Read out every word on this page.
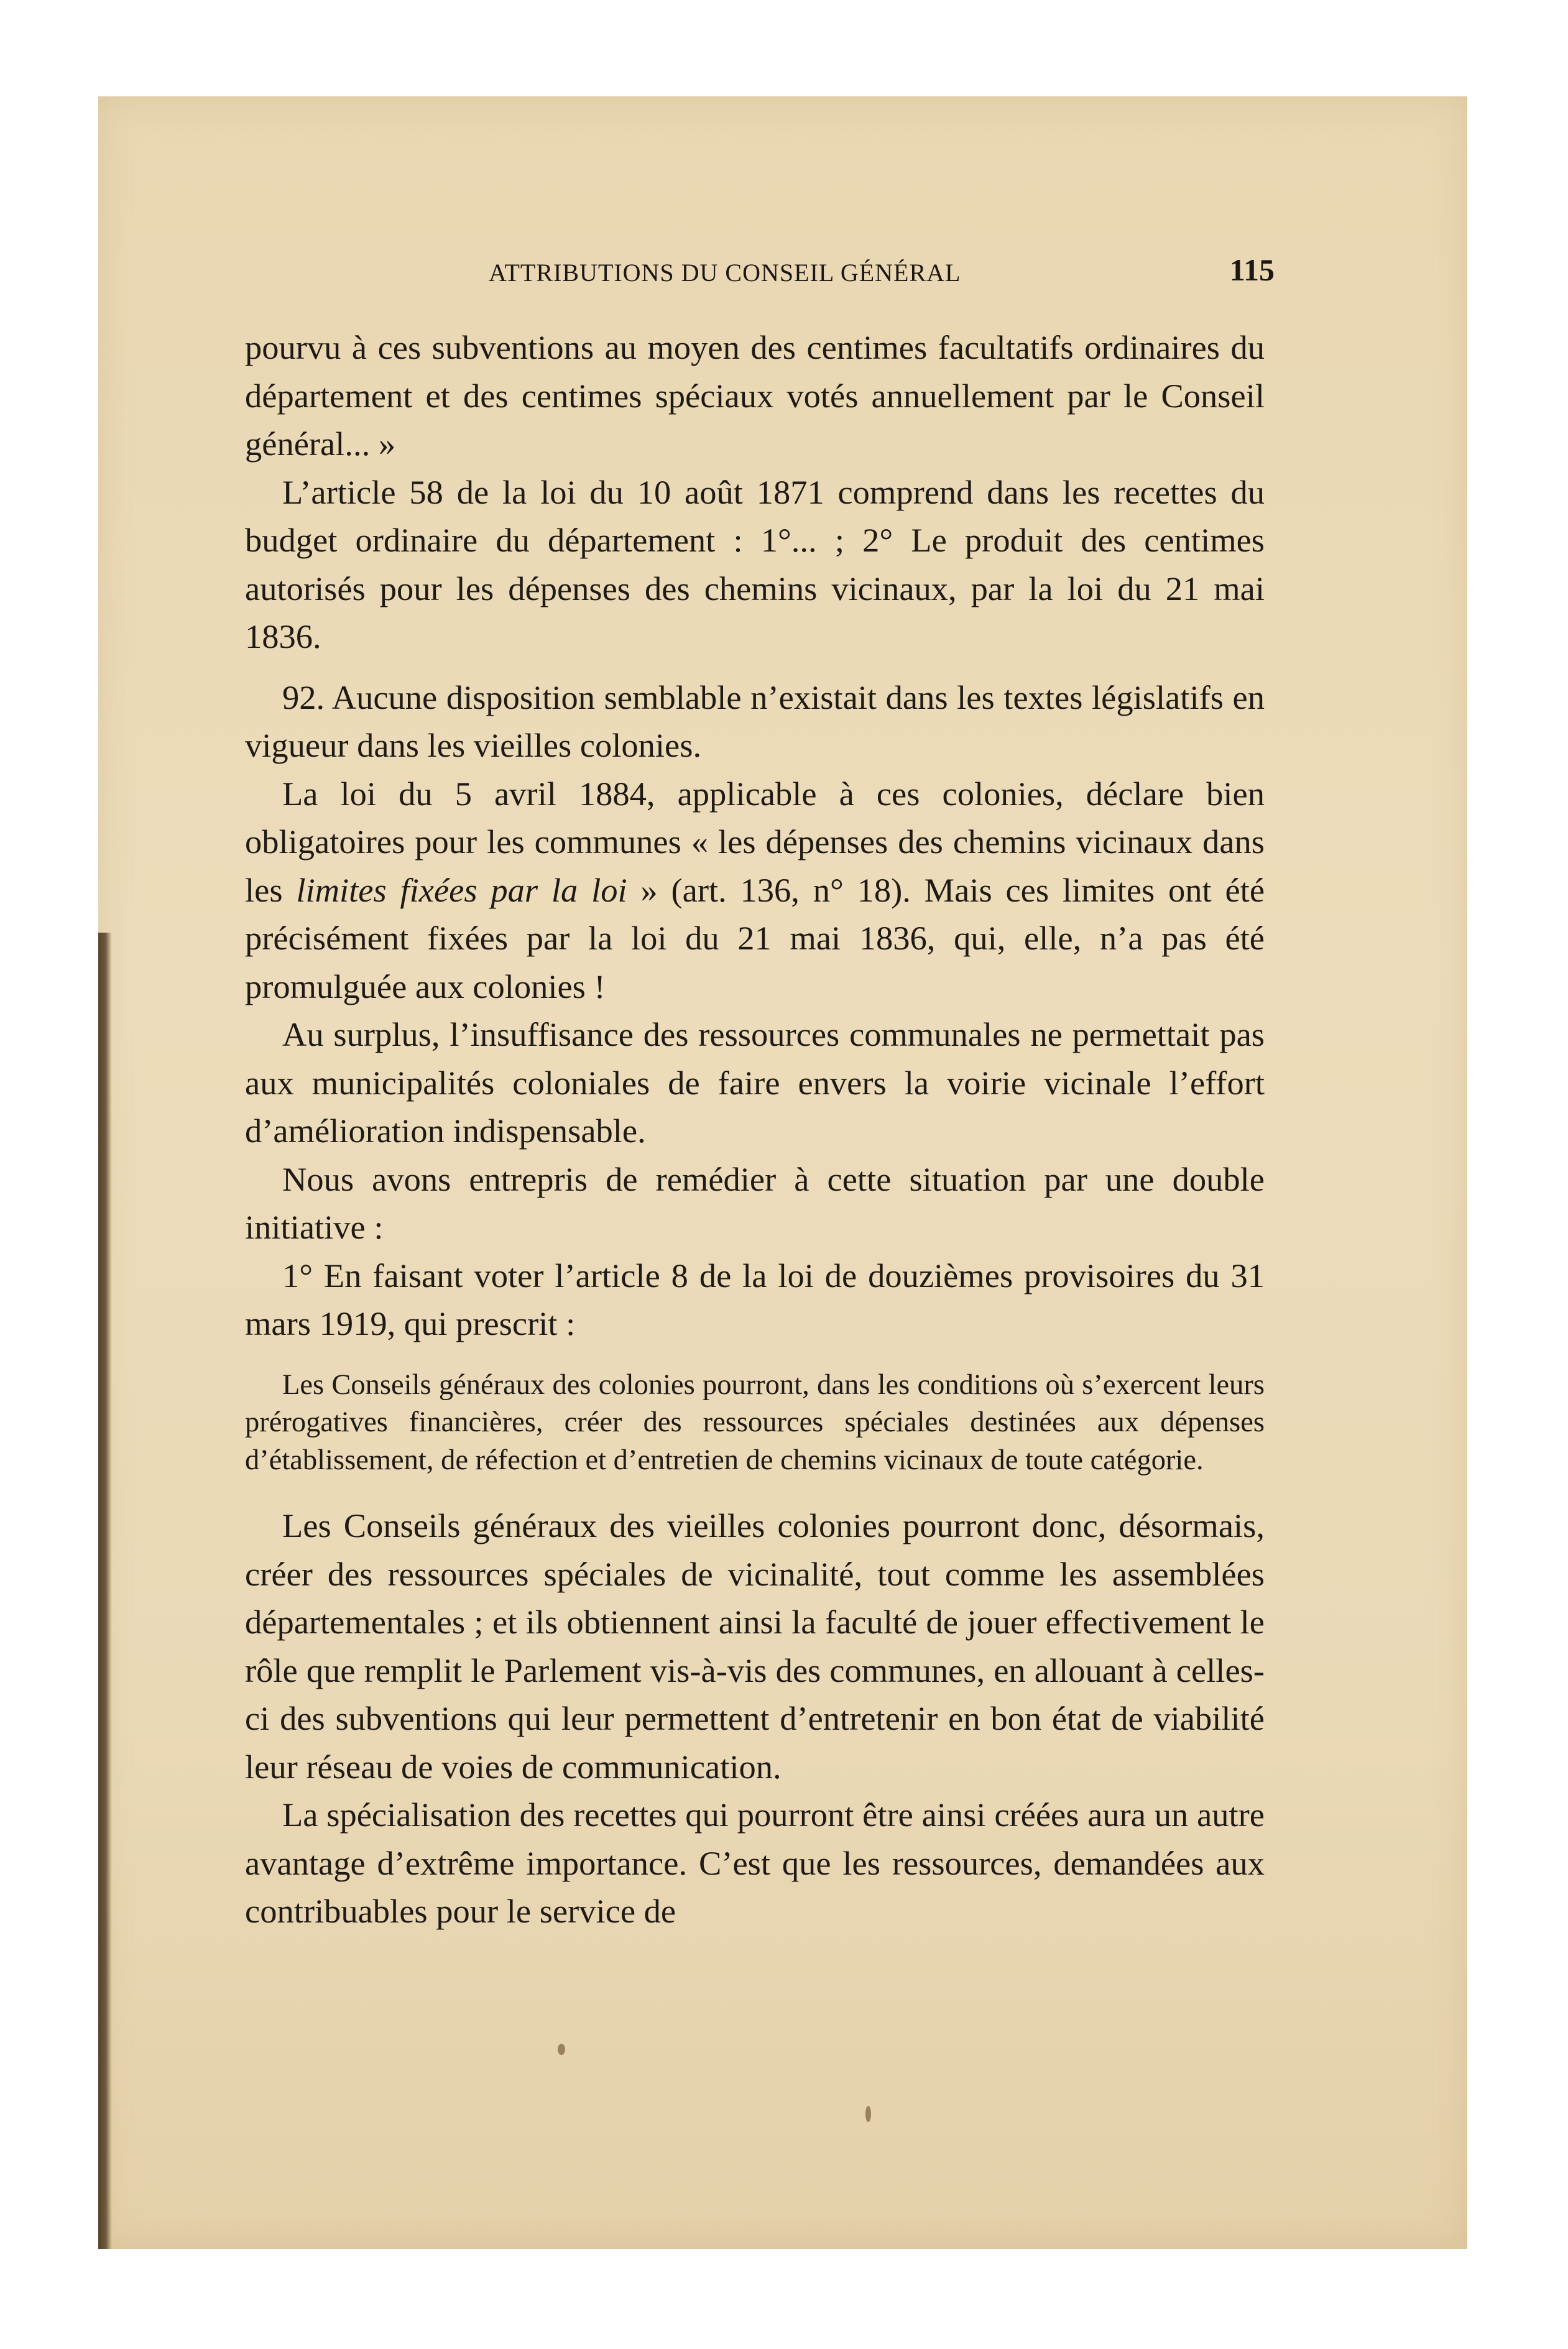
ATTRIBUTIONS DU CONSEIL GÉNÉRAL	115

pourvu à ces subventions au moyen des centimes facultatifs ordinaires du département et des centimes spéciaux votés annuellement par le Conseil général... »

L’article 58 de la loi du 10 août 1871 comprend dans les recettes du budget ordinaire du département : 1°... ; 2° Le produit des centimes autorisés pour les dépenses des chemins vicinaux, par la loi du 21 mai 1836.

92. Aucune disposition semblable n’existait dans les textes législatifs en vigueur dans les vieilles colonies.

La loi du 5 avril 1884, applicable à ces colonies, déclare bien obligatoires pour les communes « les dépenses des chemins vicinaux dans les limites fixées par la loi » (art. 136, n° 18). Mais ces limites ont été précisément fixées par la loi du 21 mai 1836, qui, elle, n’a pas été promulguée aux colonies !

Au surplus, l’insuffisance des ressources communales ne permettait pas aux municipalités coloniales de faire envers la voirie vicinale l’effort d’amélioration indispensable.

Nous avons entrepris de remédier à cette situation par une double initiative :

1° En faisant voter l’article 8 de la loi de douzièmes provisoires du 31 mars 1919, qui prescrit :

Les Conseils généraux des colonies pourront, dans les conditions où s’exercent leurs prérogatives financières, créer des ressources spéciales destinées aux dépenses d’établissement, de réfection et d’entretien de chemins vicinaux de toute catégorie.

Les Conseils généraux des vieilles colonies pourront donc, désormais, créer des ressources spéciales de vicinalité, tout comme les assemblées départementales ; et ils obtiennent ainsi la faculté de jouer effectivement le rôle que remplit le Parlement vis-à-vis des communes, en allouant à celles-ci des subventions qui leur permettent d’entretenir en bon état de viabilité leur réseau de voies de communication.

La spécialisation des recettes qui pourront être ainsi créées aura un autre avantage d’extrême importance. C’est que les ressources, demandées aux contribuables pour le service de
